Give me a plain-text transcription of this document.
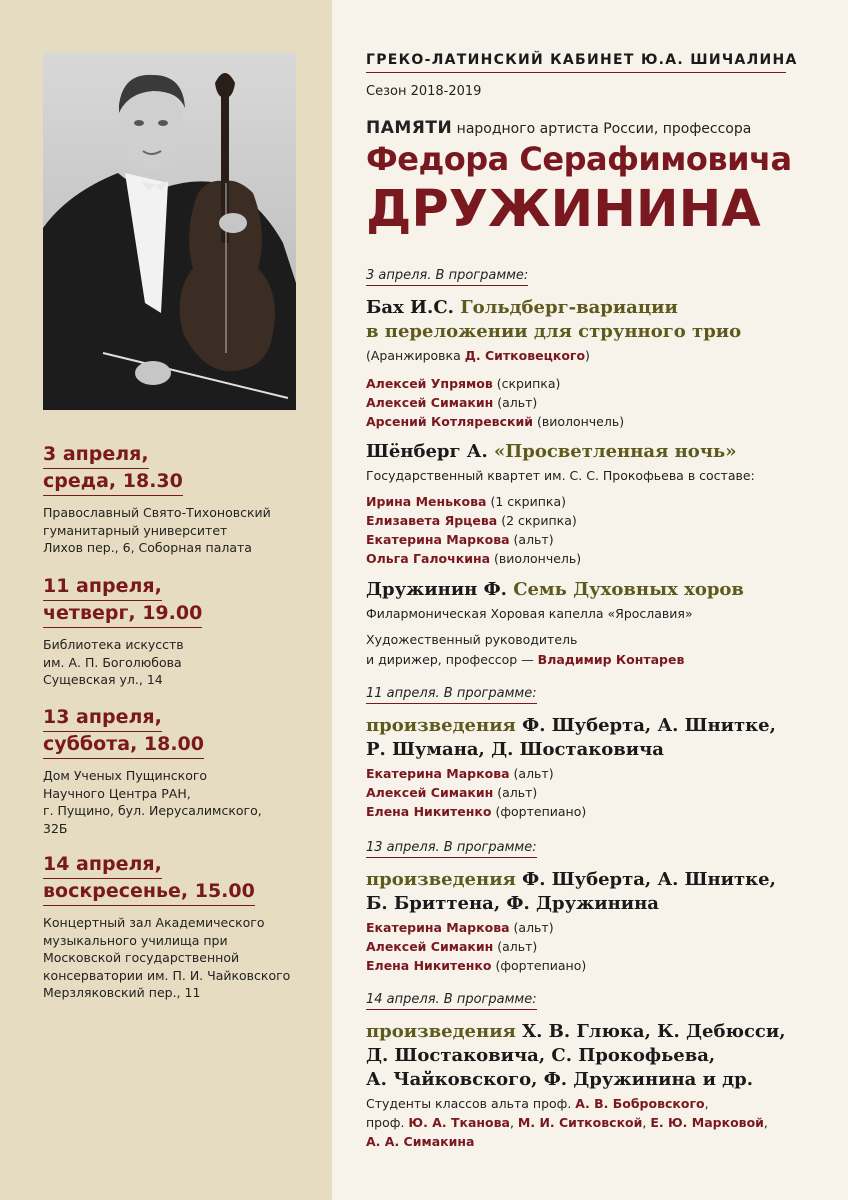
3 апреля,
среда, 18.30
Православный Свято-Тихоновский
гуманитарный университет
Лихов пер., 6, Соборная палата
11 апреля,
четверг, 19.00
Библиотека искусств
им. А. П. Боголюбова
Сущевская ул., 14
13 апреля,
суббота, 18.00
Дом Ученых Пущинского
Научного Центра РАН,
г. Пущино, бул. Иерусалимского,
32Б
14 апреля,
воскресенье, 15.00
Концертный зал Академического
музыкального училища при
Московской государственной
консерватории им. П. И. Чайковского
Мерзляковский пер., 11
ГРЕКО-ЛАТИНСКИЙ КАБИНЕТ Ю.А. ШИЧАЛИНА
Сезон 2018-2019
ПАМЯТИ народного артиста России, профессора
Федора Серафимовича
ДРУЖИНИНА
3 апреля. В программе:
Бах И.С. Гольдберг-вариации
в переложении для струнного трио
(Аранжировка Д. Ситковецкого)
Алексей Упрямов (скрипка)
Алексей Симакин (альт)
Арсений Котляревский (виолончель)
Шёнберг А. «Просветленная ночь»
Государственный квартет им. С. С. Прокофьева в составе:
Ирина Менькова (1 скрипка)
Елизавета Ярцева (2 скрипка)
Екатерина Маркова (альт)
Ольга Галочкина (виолончель)
Дружинин Ф. Семь Духовных хоров
Филармоническая Хоровая капелла «Ярославия»
Художественный руководитель
и дирижер, профессор — Владимир Контарев
11 апреля. В программе:
произведения Ф. Шуберта, А. Шнитке,
Р. Шумана, Д. Шостаковича
Екатерина Маркова (альт)
Алексей Симакин (альт)
Елена Никитенко (фортепиано)
13 апреля. В программе:
произведения Ф. Шуберта, А. Шнитке,
Б. Бриттена, Ф. Дружинина
Екатерина Маркова (альт)
Алексей Симакин (альт)
Елена Никитенко (фортепиано)
14 апреля. В программе:
произведения Х. В. Глюка, К. Дебюсси,
Д. Шостаковича, С. Прокофьева,
А. Чайковского, Ф. Дружинина и др.
Студенты классов альта проф. А. В. Бобровского,
проф. Ю. А. Тканова, М. И. Ситковской, Е. Ю. Марковой,
А. А. Симакина
